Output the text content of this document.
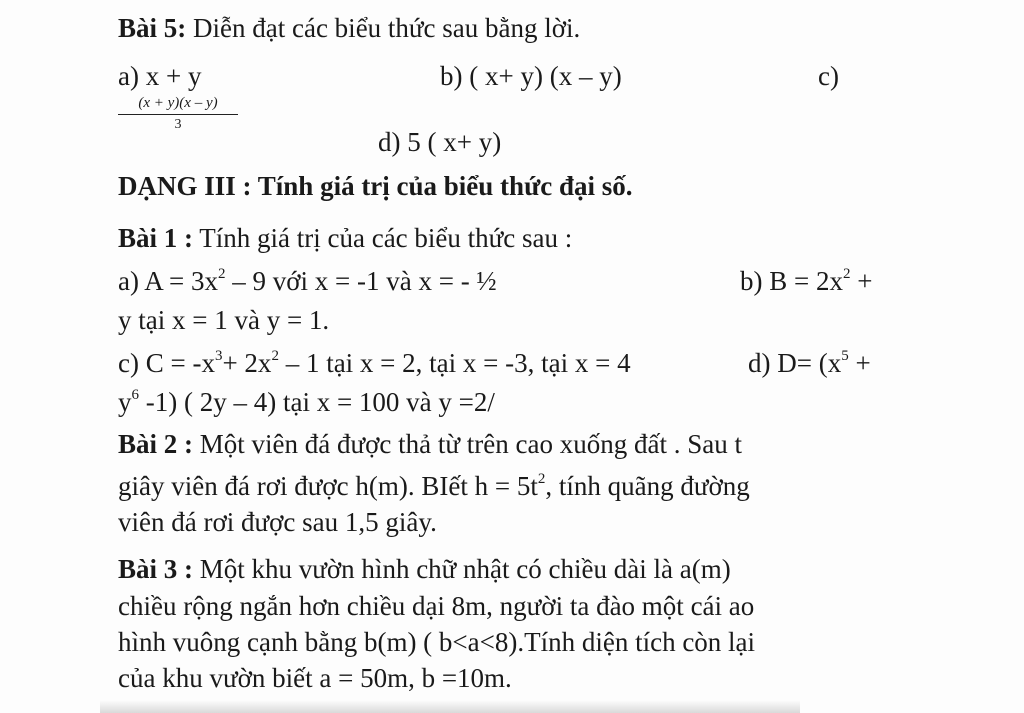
Bài 5: Diễn đạt các biểu thức sau bằng lời.
a) x + y	b) ( x+ y) (x – y)	c)
$\frac{(x + y)(x - y)}{3}$
d) 5 ( x+ y)
DẠNG III : Tính giá trị của biểu thức đại số.
Bài 1 : Tính giá trị của các biểu thức sau :
a) $A = 3x^2 - 9$ với x = -1 và x = - ½	b) $B = 2x^2$ +
y tại x = 1 và y = 1.
c) $C = -x^3+ 2x^2 - 1$ tại x = 2, tại x = -3, tại x = 4	d) $D= (x^5$ +
$y^6$ -1) ( 2y – 4) tại x = 100 và y =2/
Bài 2 : Một viên đá được thả từ trên cao xuống đất . Sau t
giây viên đá rơi được h(m). BIết $h = 5t^2$, tính quãng đường
viên đá rơi được sau 1,5 giây.
Bài 3 : Một khu vườn hình chữ nhật có chiều dài là a(m)
chiều rộng ngắn hơn chiều dại 8m, người ta đào một cái ao
hình vuông cạnh bằng b(m) ( b<a<8).Tính diện tích còn lại
của khu vườn biết a = 50m, b =10m.
